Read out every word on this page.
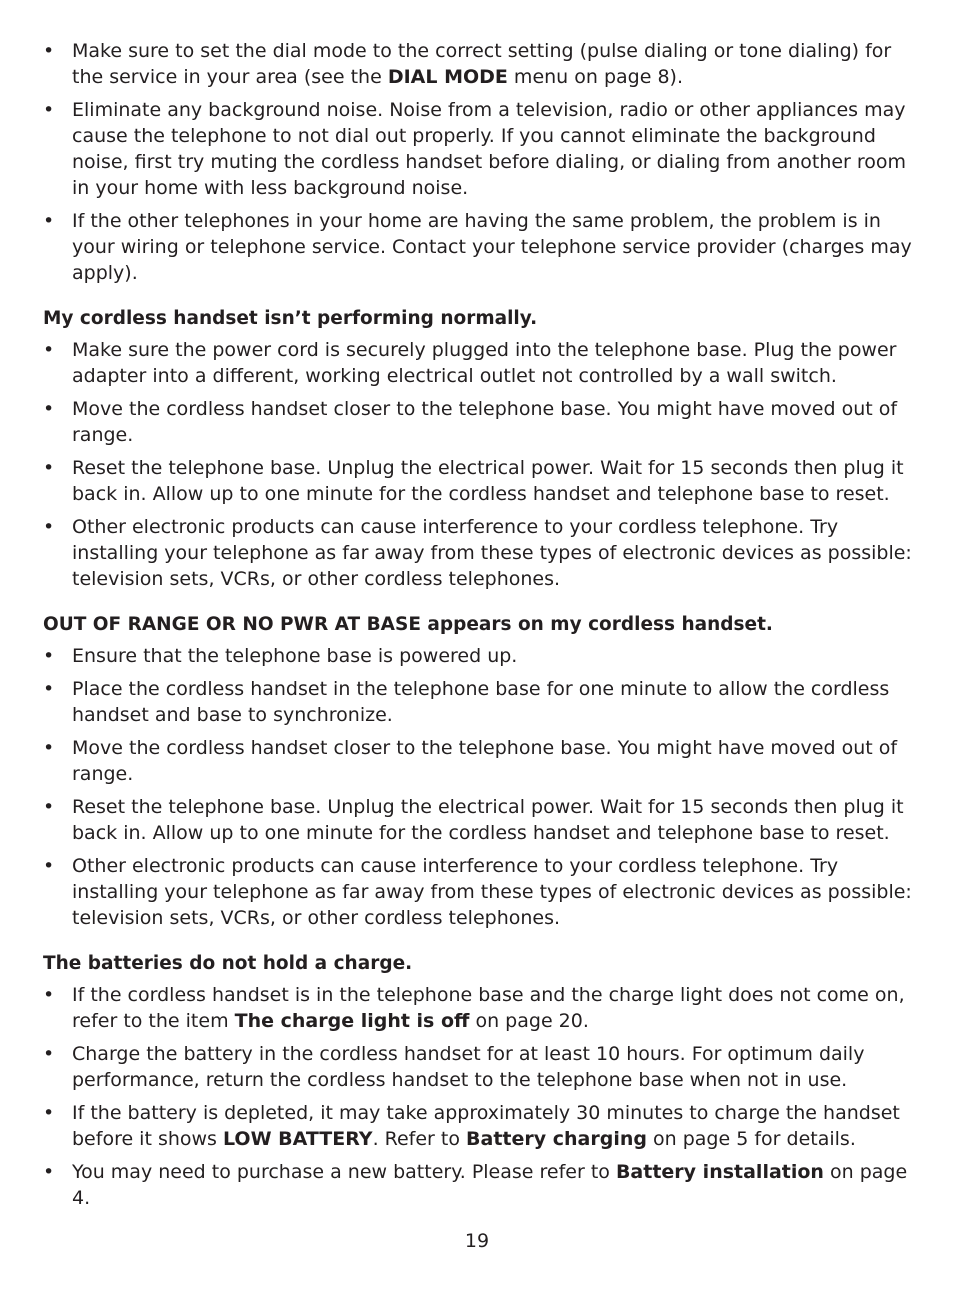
• Make sure to set the dial mode to the correct setting (pulse dialing or tone dialing) for the service in your area (see the DIAL MODE menu on page 8).
• Eliminate any background noise. Noise from a television, radio or other appliances may cause the telephone to not dial out properly. If you cannot eliminate the background noise, first try muting the cordless handset before dialing, or dialing from another room in your home with less background noise.
• If the other telephones in your home are having the same problem, the problem is in your wiring or telephone service. Contact your telephone service provider (charges may apply).
My cordless handset isn’t performing normally.
• Make sure the power cord is securely plugged into the telephone base. Plug the power adapter into a different, working electrical outlet not controlled by a wall switch.
• Move the cordless handset closer to the telephone base. You might have moved out of range.
• Reset the telephone base. Unplug the electrical power. Wait for 15 seconds then plug it back in. Allow up to one minute for the cordless handset and telephone base to reset.
• Other electronic products can cause interference to your cordless telephone. Try installing your telephone as far away from these types of electronic devices as possible: television sets, VCRs, or other cordless telephones.
OUT OF RANGE OR NO PWR AT BASE appears on my cordless handset.
• Ensure that the telephone base is powered up.
• Place the cordless handset in the telephone base for one minute to allow the cordless handset and base to synchronize.
• Move the cordless handset closer to the telephone base. You might have moved out of range.
• Reset the telephone base. Unplug the electrical power. Wait for 15 seconds then plug it back in. Allow up to one minute for the cordless handset and telephone base to reset.
• Other electronic products can cause interference to your cordless telephone. Try installing your telephone as far away from these types of electronic devices as possible: television sets, VCRs, or other cordless telephones.
The batteries do not hold a charge.
• If the cordless handset is in the telephone base and the charge light does not come on, refer to the item The charge light is off on page 20.
• Charge the battery in the cordless handset for at least 10 hours. For optimum daily performance, return the cordless handset to the telephone base when not in use.
• If the battery is depleted, it may take approximately 30 minutes to charge the handset before it shows LOW BATTERY. Refer to Battery charging on page 5 for details.
• You may need to purchase a new battery. Please refer to Battery installation on page 4.
19
